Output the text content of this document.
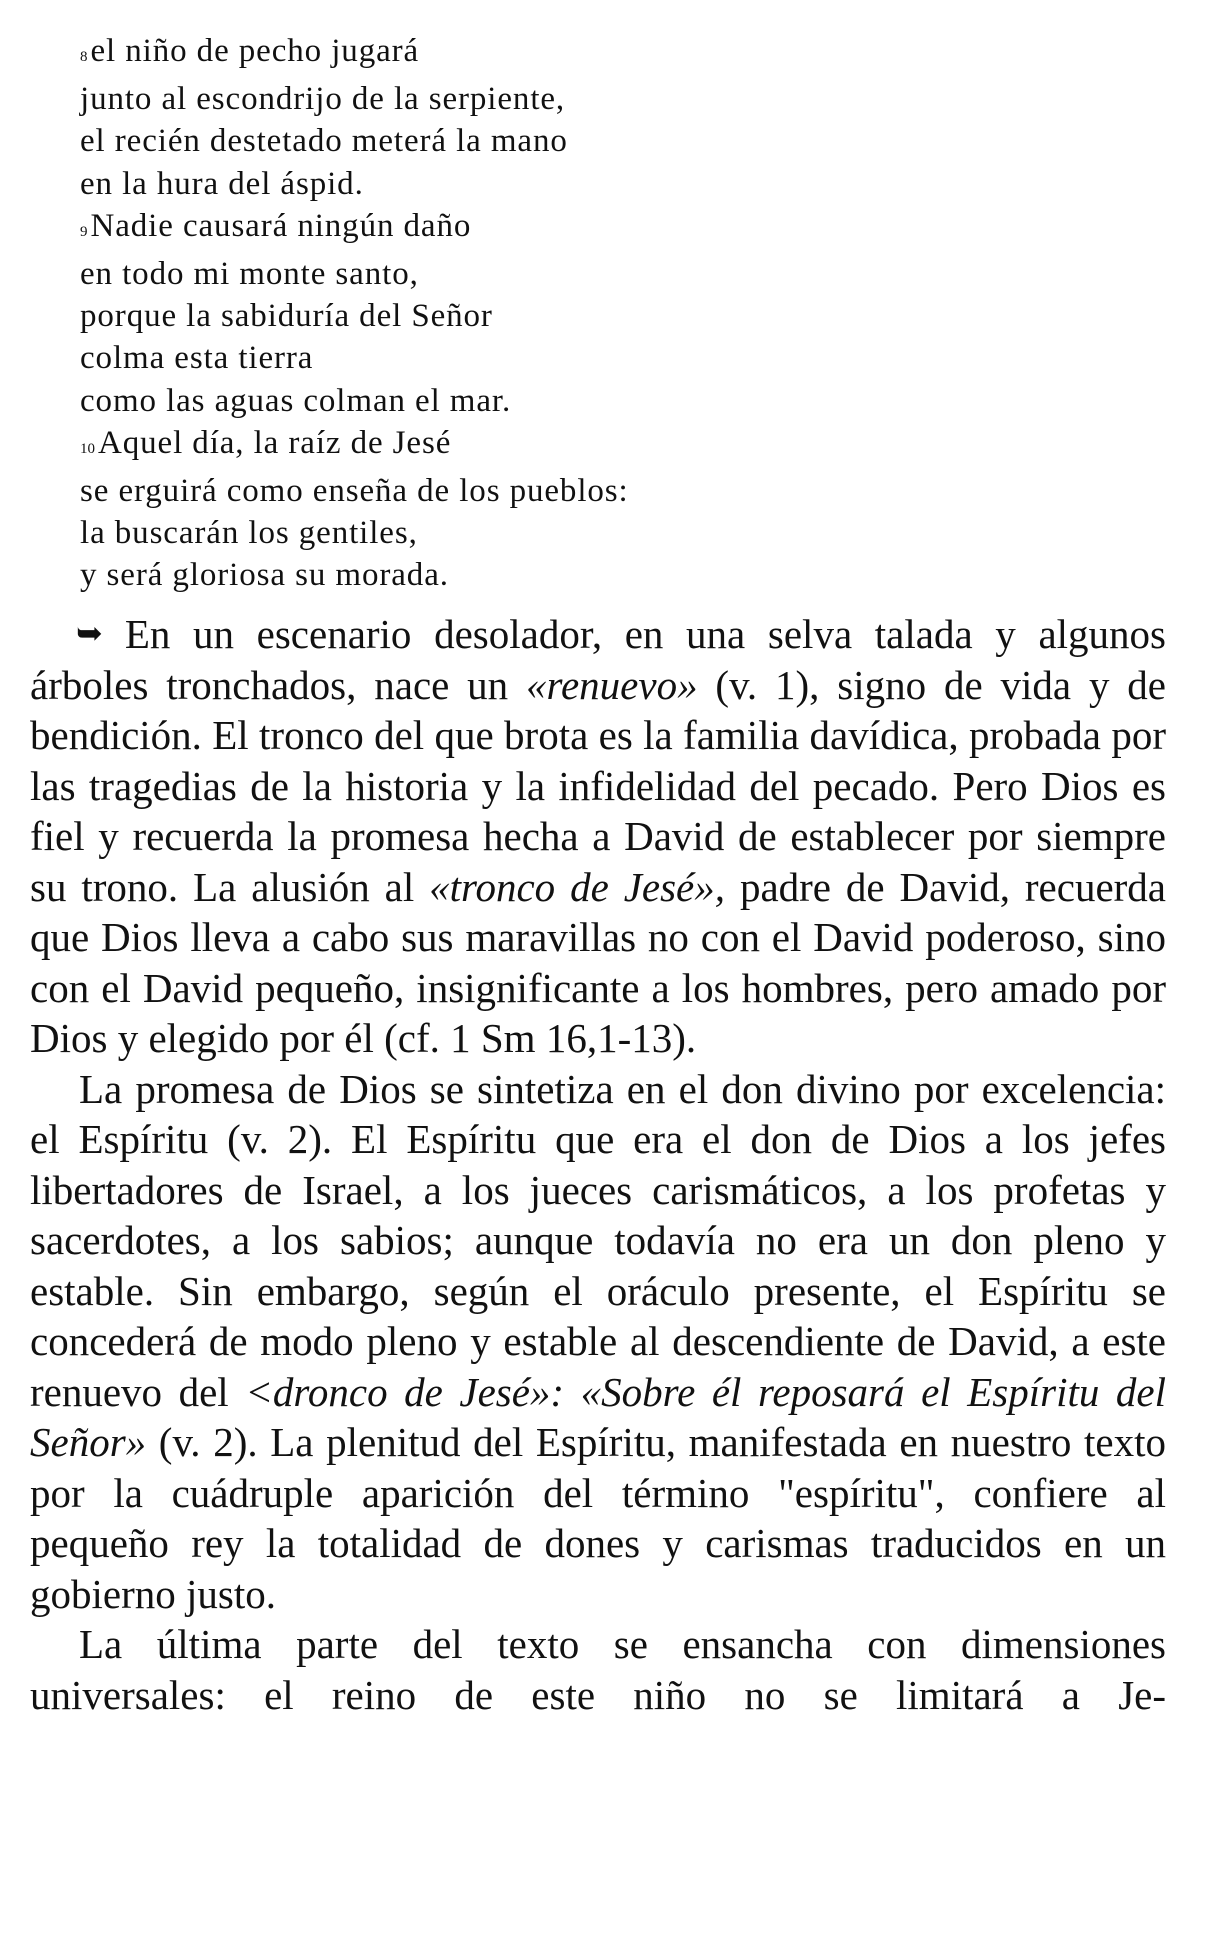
8el niño de pecho jugará
junto al escondrijo de la serpiente,
el recién destetado meterá la mano
en la hura del áspid.
9Nadie causará ningún daño
en todo mi monte santo,
porque la sabiduría del Señor
colma esta tierra
como las aguas colman el mar.
10Aquel día, la raíz de Jesé
se erguirá como enseña de los pueblos:
la buscarán los gentiles,
y será gloriosa su morada.

➥ En un escenario desolador, en una selva talada y algunos árboles tronchados, nace un «renuevo» (v. 1), signo de vida y de bendición. El tronco del que brota es la familia davídica, probada por las tragedias de la historia y la infidelidad del pecado. Pero Dios es fiel y recuerda la promesa hecha a David de establecer por siempre su trono. La alusión al «tronco de Jesé», padre de David, recuerda que Dios lleva a cabo sus maravillas no con el David poderoso, sino con el David pequeño, insignificante a los hombres, pero amado por Dios y elegido por él (cf. 1 Sm 16,1-13).

La promesa de Dios se sintetiza en el don divino por excelencia: el Espíritu (v. 2). El Espíritu que era el don de Dios a los jefes libertadores de Israel, a los jueces carismáticos, a los profetas y sacerdotes, a los sabios; aunque todavía no era un don pleno y estable. Sin embargo, según el oráculo presente, el Espíritu se concederá de modo pleno y estable al descendiente de David, a este renuevo del <dronco de Jesé»: «Sobre él reposará el Espíritu del Señor» (v. 2). La plenitud del Espíritu, manifestada en nuestro texto por la cuádruple aparición del término "espíritu", confiere al pequeño rey la totalidad de dones y carismas traducidos en un gobierno justo.

La última parte del texto se ensancha con dimensiones universales: el reino de este niño no se limitará a Je-
